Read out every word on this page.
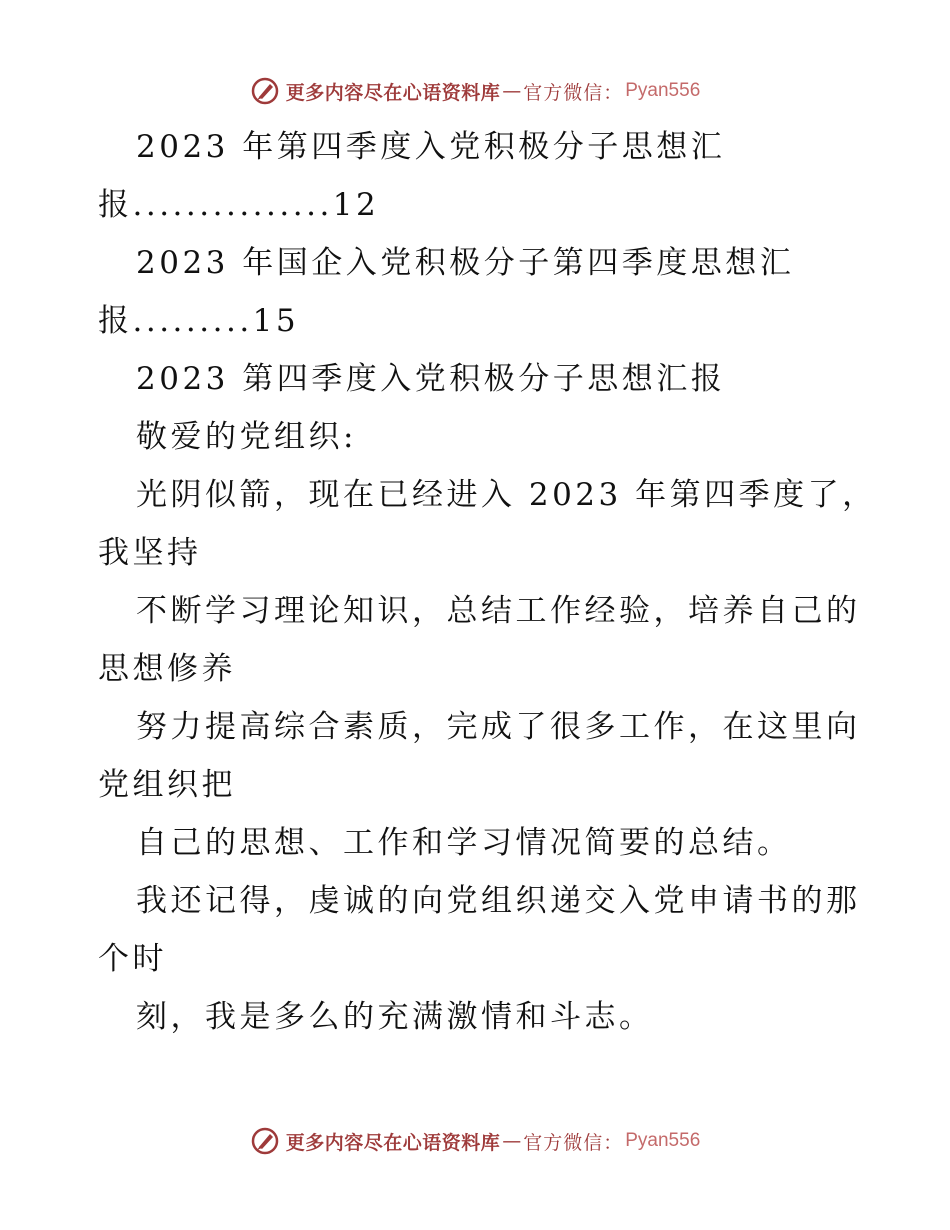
更多内容尽在心语资料库 — 官方微信： Pyan556
2023 年第四季度入党积极分子思想汇
报...............12
2023 年国企入党积极分子第四季度思想汇
报.........15
2023 第四季度入党积极分子思想汇报
敬爱的党组织:
光阴似箭，现在已经进入 2023 年第四季度了，
我坚持
不断学习理论知识，总结工作经验，培养自己的
思想修养
努力提高综合素质，完成了很多工作，在这里向
党组织把
自己的思想、工作和学习情况简要的总结。
我还记得，虔诚的向党组织递交入党申请书的那
个时
刻，我是多么的充满激情和斗志。
更多内容尽在心语资料库 — 官方微信： Pyan556
